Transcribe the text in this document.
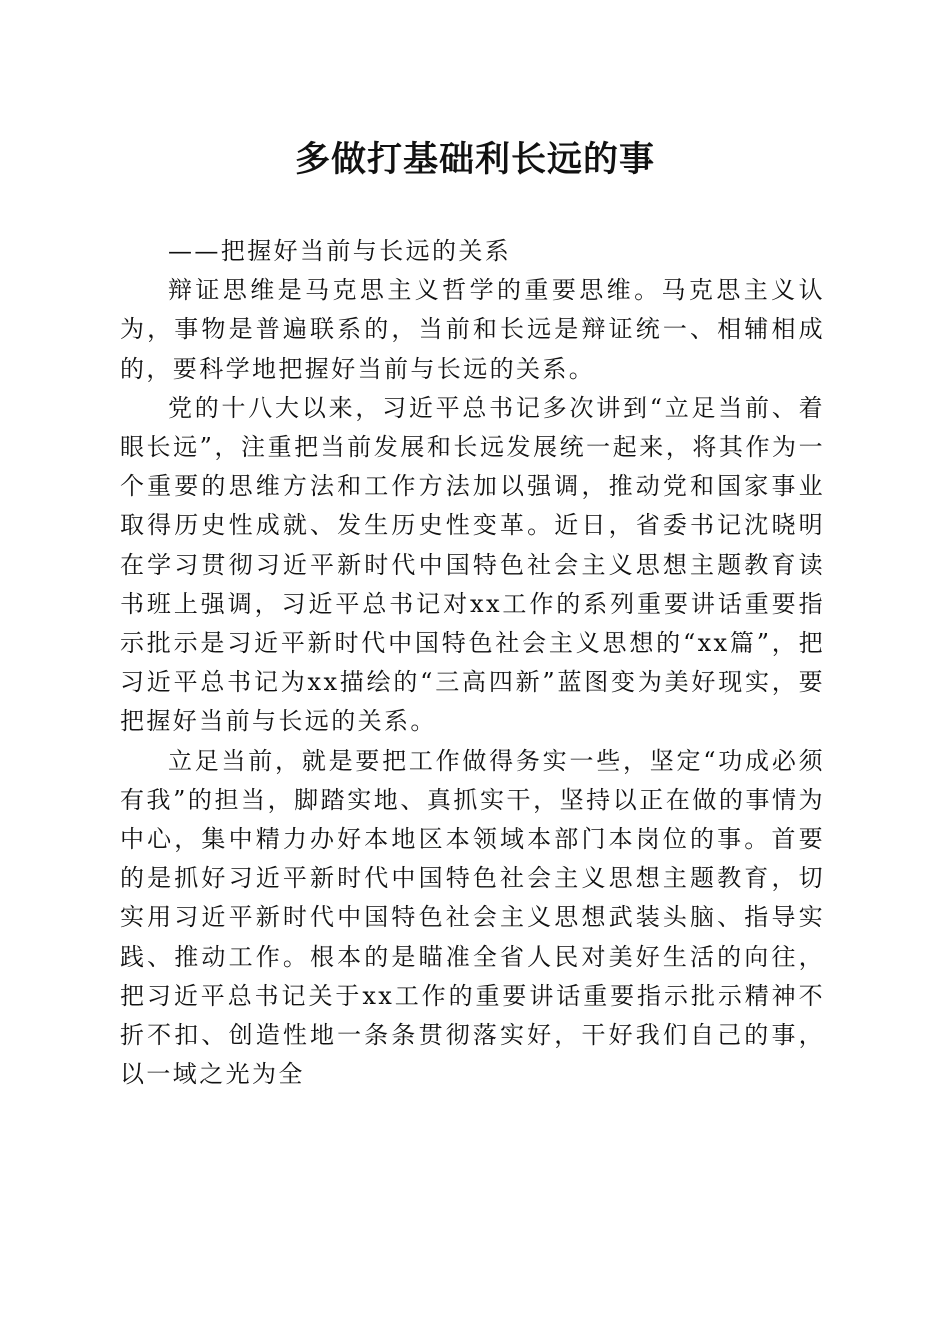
多做打基础利长远的事

——把握好当前与长远的关系

辩证思维是马克思主义哲学的重要思维。马克思主义认为，事物是普遍联系的，当前和长远是辩证统一、相辅相成的，要科学地把握好当前与长远的关系。

党的十八大以来，习近平总书记多次讲到“立足当前、着眼长远”，注重把当前发展和长远发展统一起来，将其作为一个重要的思维方法和工作方法加以强调，推动党和国家事业取得历史性成就、发生历史性变革。近日，省委书记沈晓明在学习贯彻习近平新时代中国特色社会主义思想主题教育读书班上强调，习近平总书记对xx工作的系列重要讲话重要指示批示是习近平新时代中国特色社会主义思想的“xx篇”，把习近平总书记为xx描绘的“三高四新”蓝图变为美好现实，要把握好当前与长远的关系。

立足当前，就是要把工作做得务实一些，坚定“功成必须有我”的担当，脚踏实地、真抓实干，坚持以正在做的事情为中心，集中精力办好本地区本领域本部门本岗位的事。首要的是抓好习近平新时代中国特色社会主义思想主题教育，切实用习近平新时代中国特色社会主义思想武装头脑、指导实践、推动工作。根本的是瞄准全省人民对美好生活的向往，把习近平总书记关于xx工作的重要讲话重要指示批示精神不折不扣、创造性地一条条贯彻落实好，干好我们自己的事，以一域之光为全
